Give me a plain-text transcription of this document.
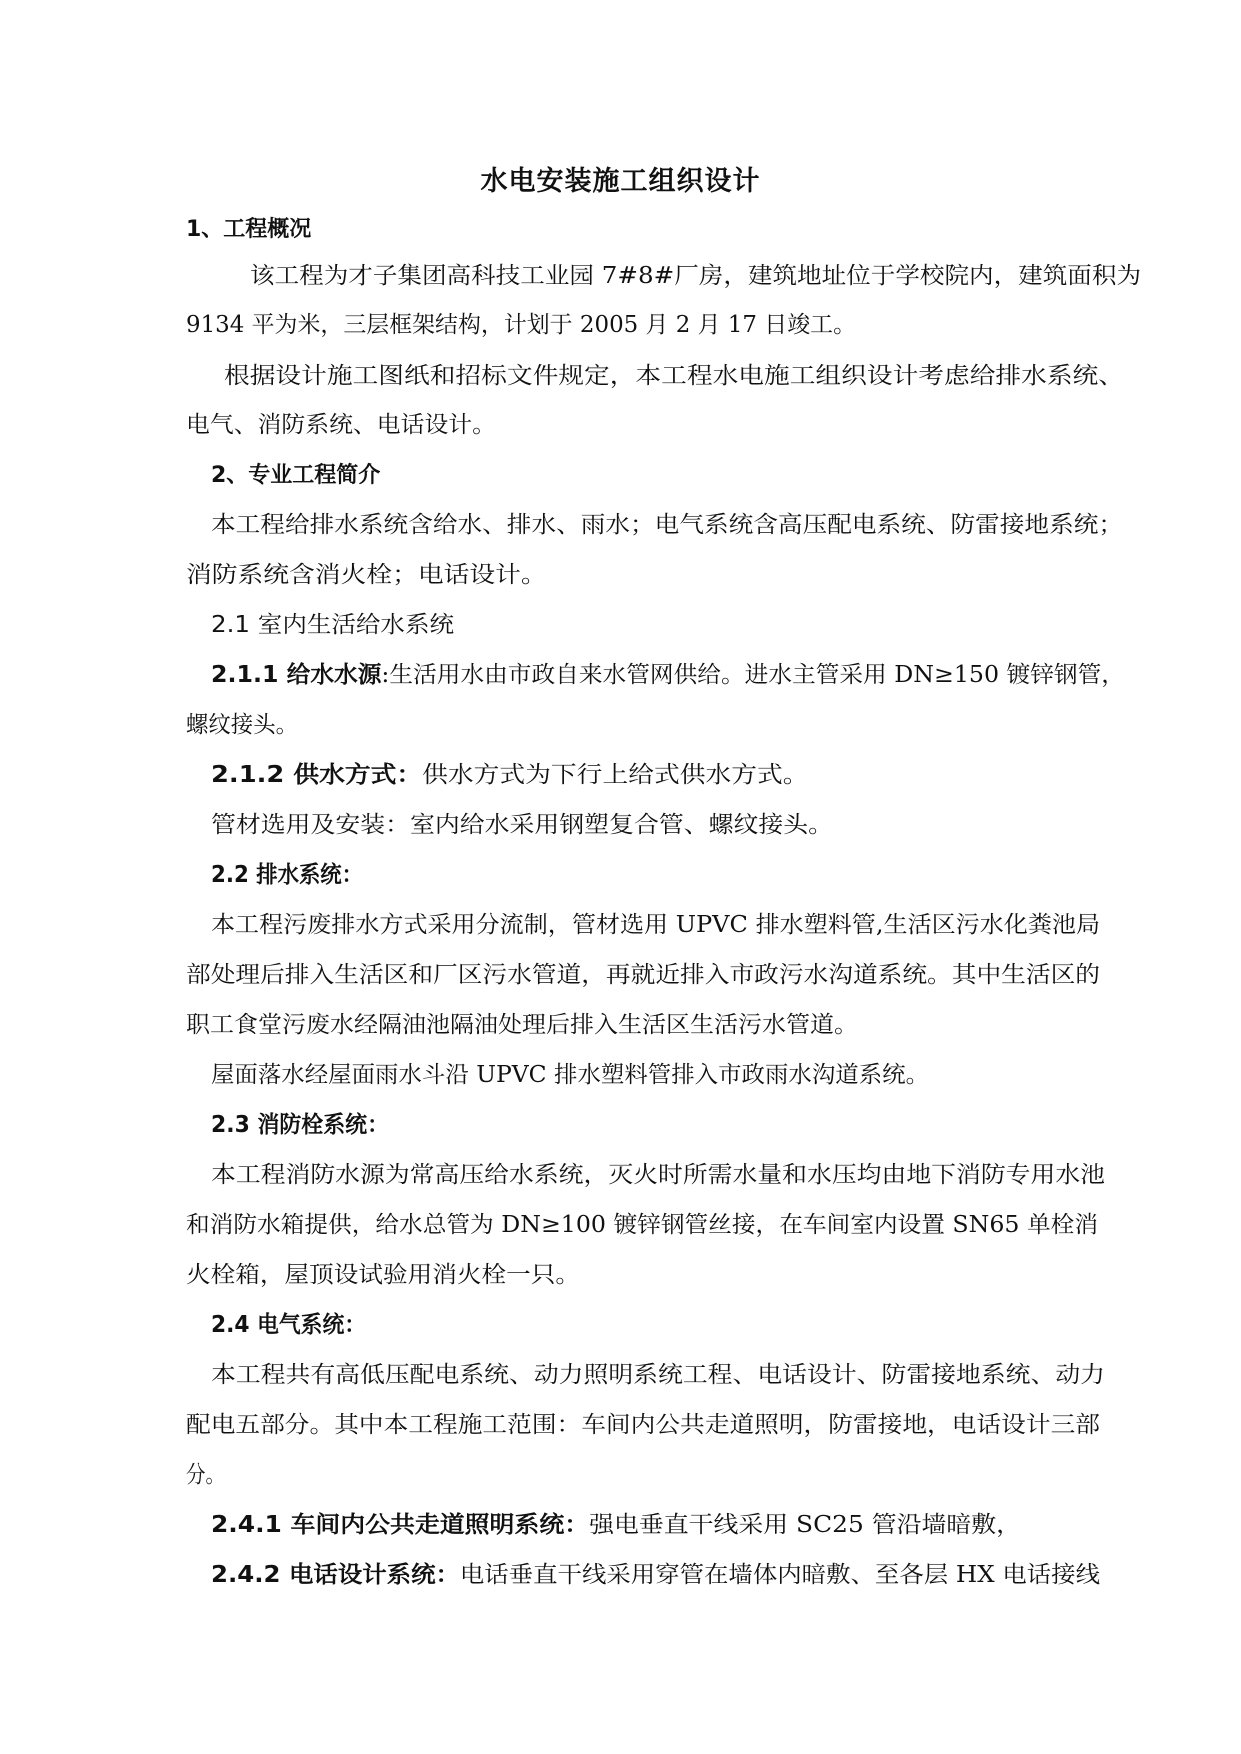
水电安装施工组织设计
1、工程概况
该工程为才子集团高科技工业园 7#8#厂房，建筑地址位于学校院内，建筑面积为
9134 平为米，三层框架结构，计划于 2005 月 2 月 17 日竣工。
根据设计施工图纸和招标文件规定，本工程水电施工组织设计考虑给排水系统、
电气、消防系统、电话设计。
2、专业工程简介
本工程给排水系统含给水、排水、雨水；电气系统含高压配电系统、防雷接地系统；
消防系统含消火栓；电话设计。
2.1 室内生活给水系统
2.1.1 给水水源:生活用水由市政自来水管网供给。进水主管采用 DN≥150 镀锌钢管，
螺纹接头。
2.1.2 供水方式：供水方式为下行上给式供水方式。
管材选用及安装：室内给水采用钢塑复合管、螺纹接头。
2.2 排水系统：
本工程污废排水方式采用分流制，管材选用 UPVC 排水塑料管,生活区污水化粪池局
部处理后排入生活区和厂区污水管道，再就近排入市政污水沟道系统。其中生活区的
职工食堂污废水经隔油池隔油处理后排入生活区生活污水管道。
屋面落水经屋面雨水斗沿 UPVC 排水塑料管排入市政雨水沟道系统。
2.3 消防栓系统：
本工程消防水源为常高压给水系统，灭火时所需水量和水压均由地下消防专用水池
和消防水箱提供，给水总管为 DN≥100 镀锌钢管丝接，在车间室内设置 SN65 单栓消
火栓箱，屋顶设试验用消火栓一只。
2.4 电气系统：
本工程共有高低压配电系统、动力照明系统工程、电话设计、防雷接地系统、动力
配电五部分。其中本工程施工范围：车间内公共走道照明，防雷接地，电话设计三部
分。
2.4.1 车间内公共走道照明系统：强电垂直干线采用 SC25 管沿墙暗敷，
2.4.2 电话设计系统：电话垂直干线采用穿管在墙体内暗敷、至各层 HX 电话接线
